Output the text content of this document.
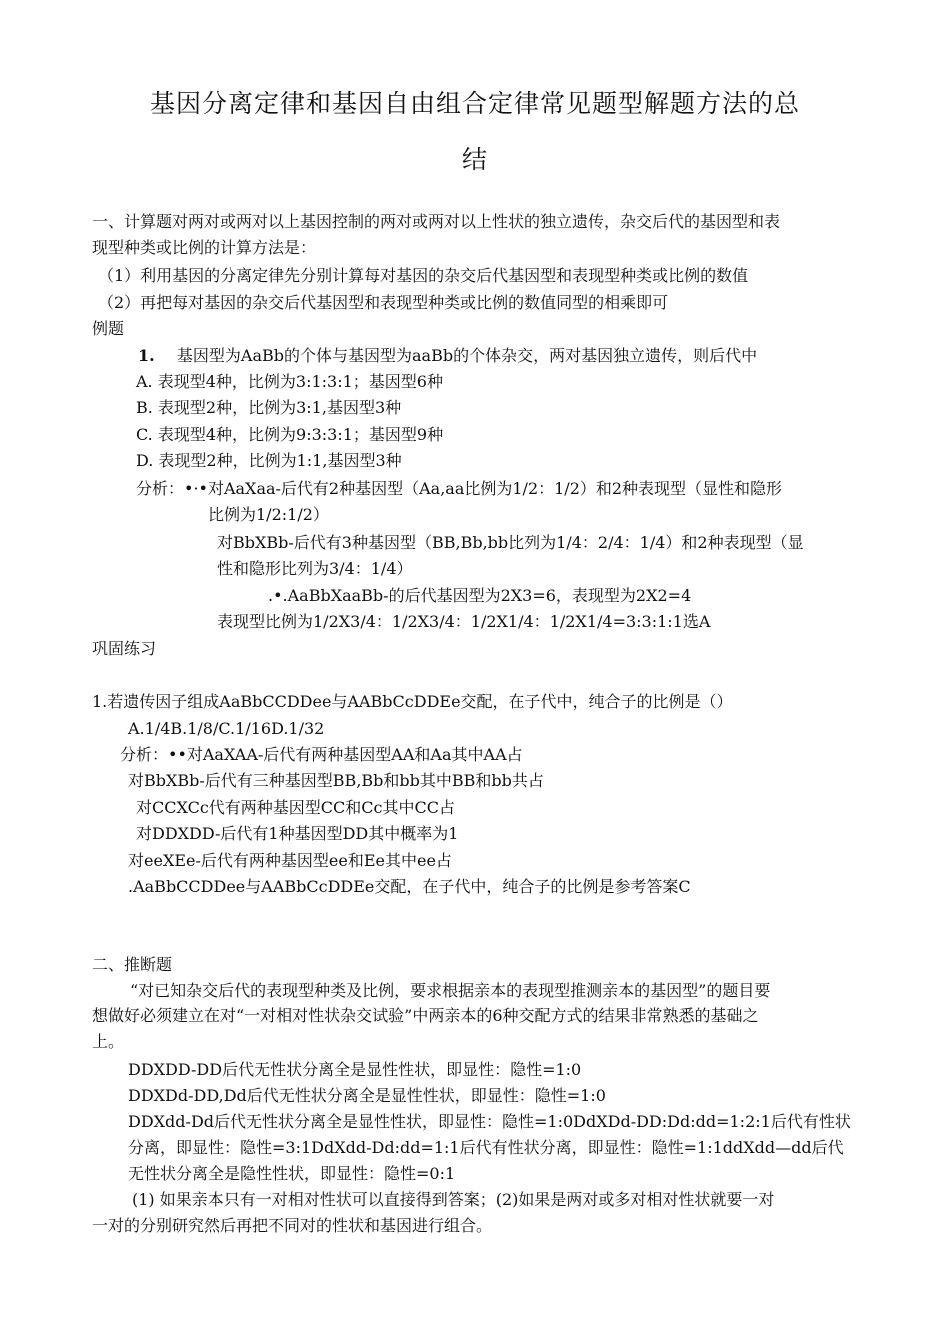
基因分离定律和基因自由组合定律常见题型解题方法的总
结

一、计算题对两对或两对以上基因控制的两对或两对以上性状的独立遗传，杂交后代的基因型和表

现型种类或比例的计算方法是：

（1）利用基因的分离定律先分别计算每对基因的杂交后代基因型和表现型种类或比例的数值

（2）再把每对基因的杂交后代基因型和表现型种类或比例的数值同型的相乘即可

例题

1. 基因型为AaBb的个体与基因型为aaBb的个体杂交，两对基因独立遗传，则后代中

A. 表现型4种，比例为3:1:3:1；基因型6种

B. 表现型2种，比例为3:1,基因型3种

C. 表现型4种，比例为9:3:3:1；基因型9种

D. 表现型2种，比例为1:1,基因型3种

分析：•·•对AaXaa-后代有2种基因型（Aa,aa比例为1/2：1/2）和2种表现型（显性和隐形

比例为1/2:1/2）

对BbXBb-后代有3种基因型（BB,Bb,bb比列为1/4：2/4：1/4）和2种表现型（显

性和隐形比列为3/4：1/4）

.•.AaBbXaaBb-的后代基因型为2X3=6，表现型为2X2=4

表现型比例为1/2X3/4：1/2X3/4：1/2X1/4：1/2X1/4=3:3:1:1选A

巩固练习

1.若遗传因子组成AaBbCCDDee与AABbCcDDEe交配，在子代中，纯合子的比例是（）

A.1/4B.1/8/C.1/16D.1/32

分析：••对AaXAA-后代有两种基因型AA和Aa其中AA占

对BbXBb-后代有三种基因型BB,Bb和bb其中BB和bb共占

对CCXCc代有两种基因型CC和Cc其中CC占

对DDXDD-后代有1种基因型DD其中概率为1

对eeXEe-后代有两种基因型ee和Ee其中ee占

.AaBbCCDDee与AABbCcDDEe交配，在子代中，纯合子的比例是参考答案C

二、推断题

“对已知杂交后代的表现型种类及比例，要求根据亲本的表现型推测亲本的基因型”的题目要

想做好必须建立在对“一对相对性状杂交试验”中两亲本的6种交配方式的结果非常熟悉的基础之

上。

DDXDD-DD后代无性状分离全是显性性状，即显性：隐性=1:0

DDXDd-DD,Dd后代无性状分离全是显性性状，即显性：隐性=1:0

DDXdd-Dd后代无性状分离全是显性性状，即显性：隐性=1:0DdXDd-DD:Dd:dd=1:2:1后代有性状

分离，即显性：隐性=3:1DdXdd-Dd:dd=1:1后代有性状分离，即显性：隐性=1:1ddXdd—dd后代

无性状分离全是隐性性状，即显性：隐性=0:1

(1) 如果亲本只有一对相对性状可以直接得到答案；(2)如果是两对或多对相对性状就要一对

一对的分别研究然后再把不同对的性状和基因进行组合。
